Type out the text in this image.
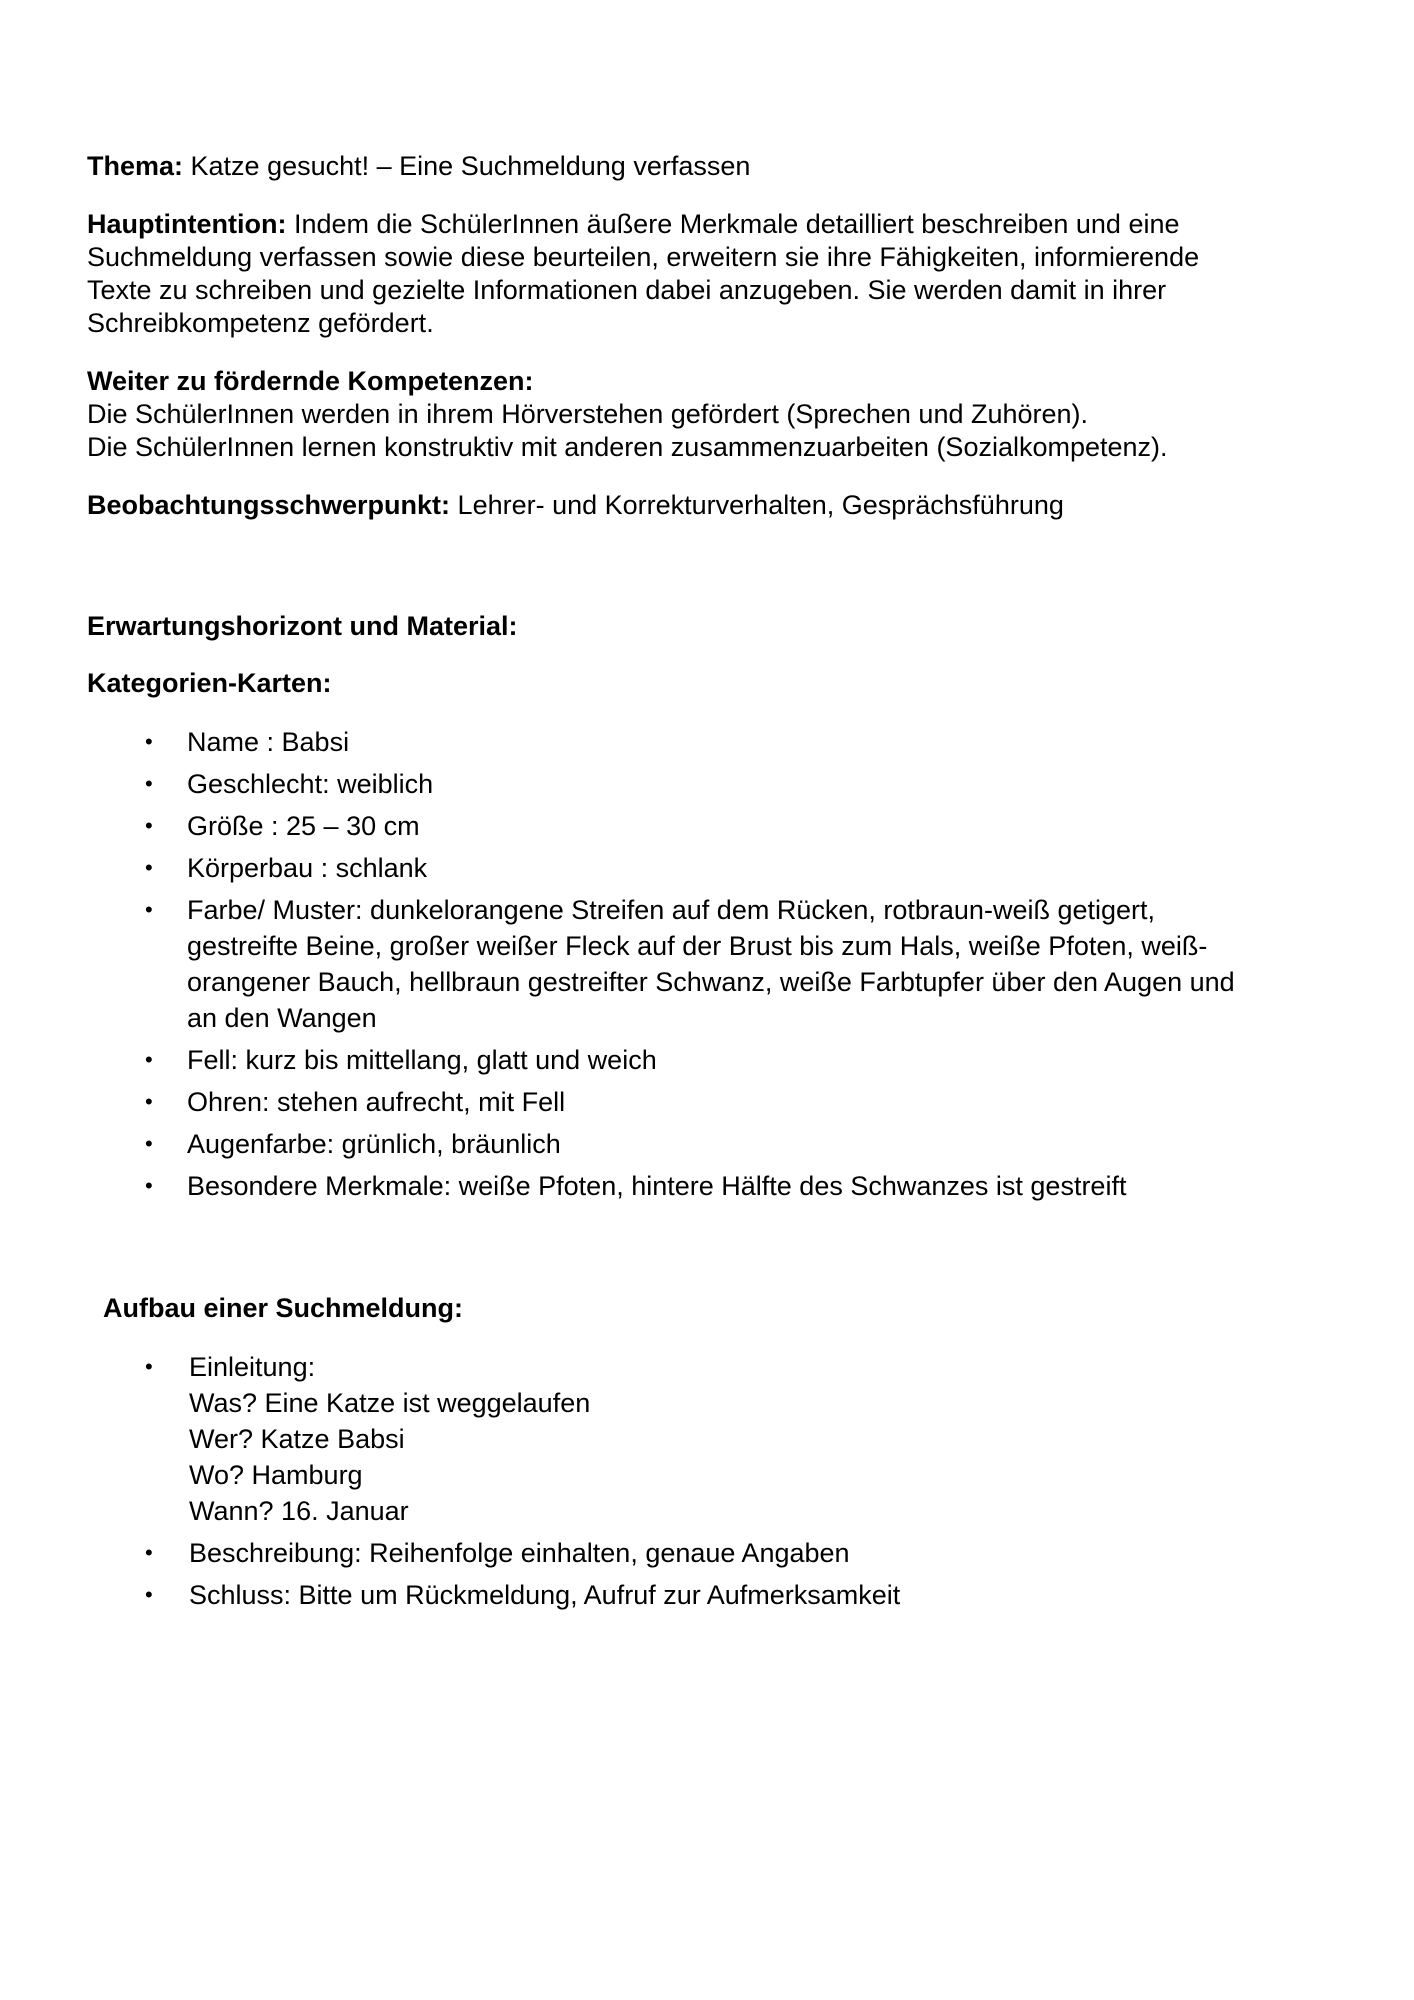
Thema: Katze gesucht! – Eine Suchmeldung verfassen

Hauptintention: Indem die SchülerInnen äußere Merkmale detailliert beschreiben und eine
Suchmeldung verfassen sowie diese beurteilen, erweitern sie ihre Fähigkeiten, informierende
Texte zu schreiben und gezielte Informationen dabei anzugeben. Sie werden damit in ihrer
Schreibkompetenz gefördert.

Weiter zu fördernde Kompetenzen:
Die SchülerInnen werden in ihrem Hörverstehen gefördert (Sprechen und Zuhören).
Die SchülerInnen lernen konstruktiv mit anderen zusammenzuarbeiten (Sozialkompetenz).

Beobachtungsschwerpunkt: Lehrer- und Korrekturverhalten, Gesprächsführung

Erwartungshorizont und Material:

Kategorien-Karten:

• Name : Babsi
• Geschlecht: weiblich
• Größe : 25 – 30 cm
• Körperbau : schlank
• Farbe/ Muster: dunkelorangene Streifen auf dem Rücken, rotbraun-weiß getigert,
gestreifte Beine, großer weißer Fleck auf der Brust bis zum Hals, weiße Pfoten, weiß-
orangener Bauch, hellbraun gestreifter Schwanz, weiße Farbtupfer über den Augen und
an den Wangen
• Fell: kurz bis mittellang, glatt und weich
• Ohren: stehen aufrecht, mit Fell
• Augenfarbe: grünlich, bräunlich
• Besondere Merkmale: weiße Pfoten, hintere Hälfte des Schwanzes ist gestreift

Aufbau einer Suchmeldung:

• Einleitung:
Was? Eine Katze ist weggelaufen
Wer? Katze Babsi
Wo? Hamburg
Wann? 16. Januar
• Beschreibung: Reihenfolge einhalten, genaue Angaben
• Schluss: Bitte um Rückmeldung, Aufruf zur Aufmerksamkeit
